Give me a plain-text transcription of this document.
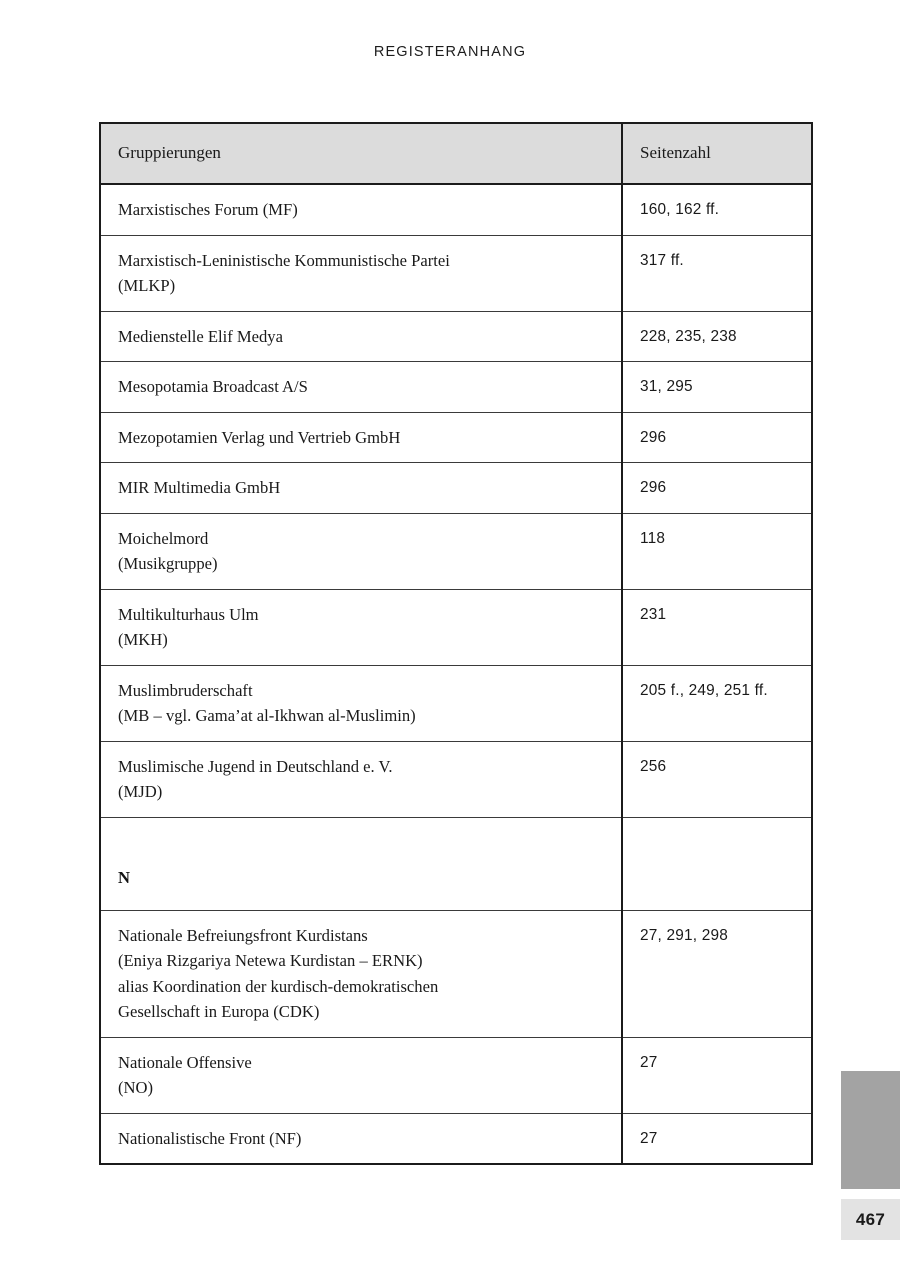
REGISTERANHANG
Gruppierungen	Seitenzahl

Marxistisches Forum (MF)	160, 162 ff.

Marxistisch-Leninistische Kommunistische Partei
(MLKP)	317 ff.

Medienstelle Elif Medya	228, 235, 238

Mesopotamia Broadcast A/S	31, 295

Mezopotamien Verlag und Vertrieb GmbH	296

MIR Multimedia GmbH	296

Moichelmord
(Musikgruppe)	118

Multikulturhaus Ulm
(MKH)	231

Muslimbruderschaft
(MB – vgl. Gama’at al-Ikhwan al-Muslimin)	205 f., 249, 251 ff.

Muslimische Jugend in Deutschland e. V.
(MJD)	256

N	

Nationale Befreiungsfront Kurdistans
(Eniya Rizgariya Netewa Kurdistan – ERNK)
alias Koordination der kurdisch-demokratischen
Gesellschaft in Europa (CDK)	27, 291, 298

Nationale Offensive
(NO)	27

Nationalistische Front (NF)	27
467
